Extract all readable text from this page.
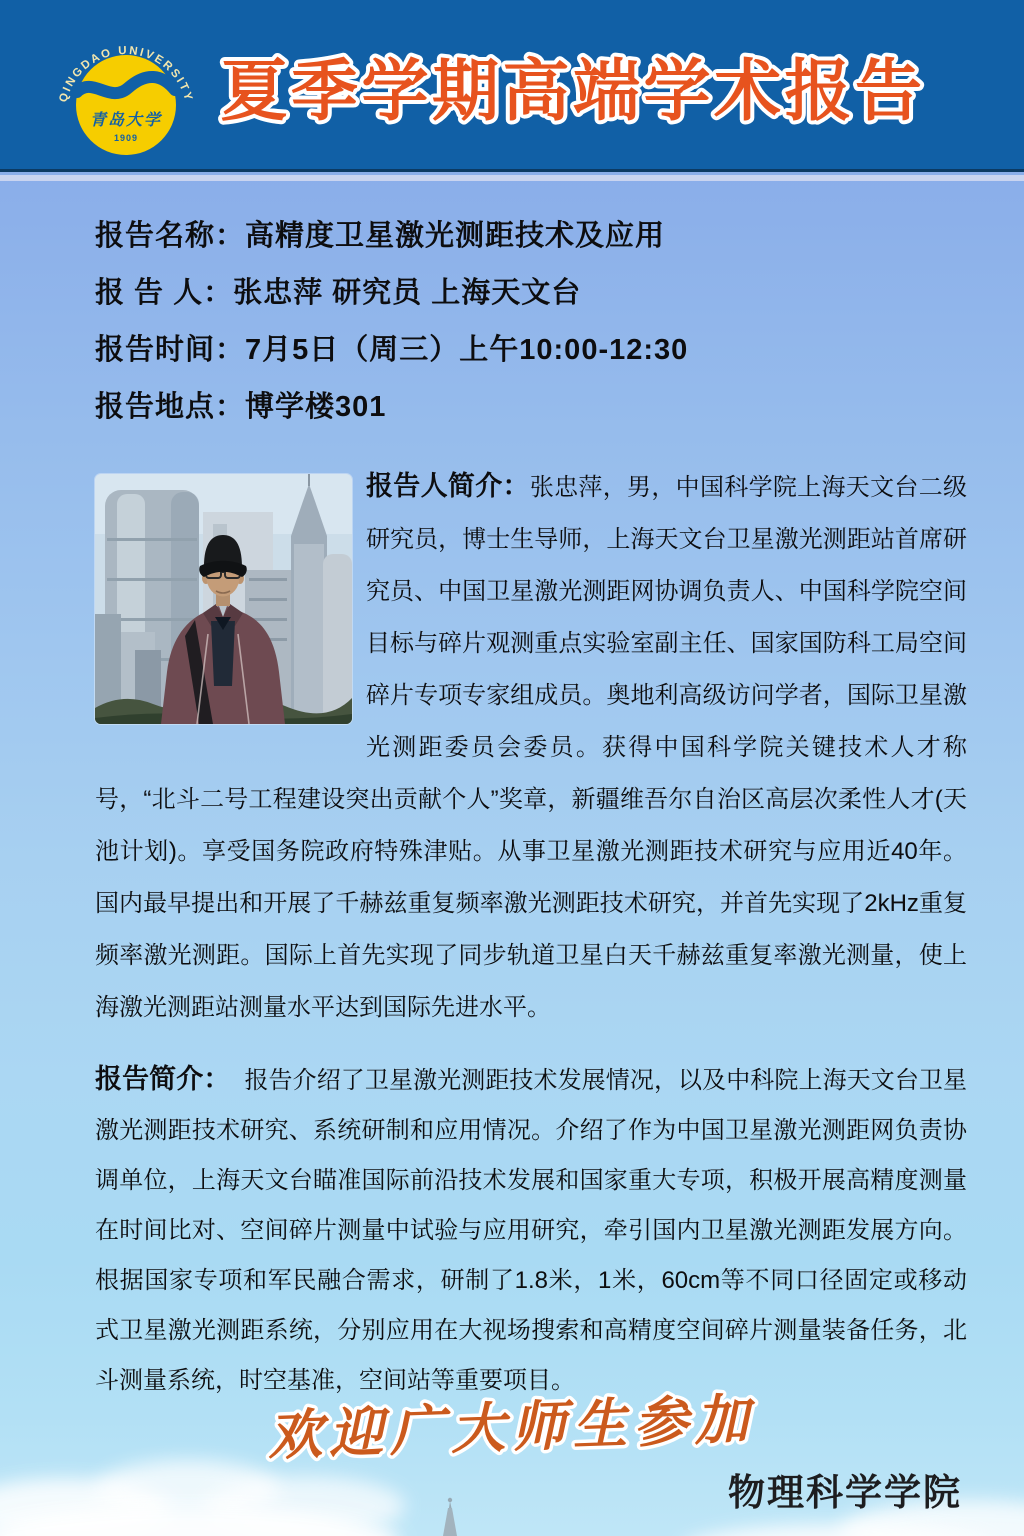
QINGDAO UNIVERSITY
青岛大学
1909
夏季学期高端学术报告
报告名称：高精度卫星激光测距技术及应用
报 告 人：张忠萍 研究员 上海天文台
报告时间：7月5日（周三）上午10:00-12:30
报告地点：博学楼301

报告人简介：张忠萍，男，中国科学院上海天文台二级研究员，博士生导师，上海天文台卫星激光测距站首席研究员、中国卫星激光测距网协调负责人、中国科学院空间目标与碎片观测重点实验室副主任、国家国防科工局空间碎片专项专家组成员。奥地利高级访问学者，国际卫星激光测距委员会委员。获得中国科学院关键技术人才称号，“北斗二号工程建设突出贡献个人”奖章，新疆维吾尔自治区高层次柔性人才(天池计划)。享受国务院政府特殊津贴。从事卫星激光测距技术研究与应用近40年。国内最早提出和开展了千赫兹重复频率激光测距技术研究，并首先实现了2kHz重复频率激光测距。国际上首先实现了同步轨道卫星白天千赫兹重复率激光测量，使上海激光测距站测量水平达到国际先进水平。

报告简介： 报告介绍了卫星激光测距技术发展情况，以及中科院上海天文台卫星激光测距技术研究、系统研制和应用情况。介绍了作为中国卫星激光测距网负责协调单位，上海天文台瞄准国际前沿技术发展和国家重大专项，积极开展高精度测量在时间比对、空间碎片测量中试验与应用研究，牵引国内卫星激光测距发展方向。根据国家专项和军民融合需求，研制了1.8米，1米，60cm等不同口径固定或移动式卫星激光测距系统，分别应用在大视场搜索和高精度空间碎片测量装备任务，北斗测量系统，时空基准，空间站等重要项目。

欢迎广大师生参加
物理科学学院
